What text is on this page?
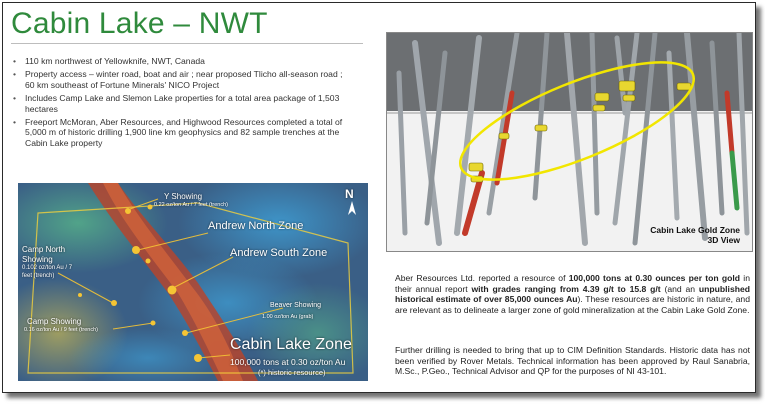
Cabin Lake – NWT
• 110 km northwest of Yellowknife, NWT, Canada
• Property access – winter road, boat and air ; near proposed Tlicho all-season road ; 60 km southeast of Fortune Minerals' NICO Project
• Includes Camp Lake and Slemon Lake properties for a total area package of 1,503 hectares
• Freeport McMoran, Aber Resources, and Highwood Resources completed a total of 5,000 m of historic drilling 1,900 line km geophysics and 82 sample trenches at the Cabin Lake property
N
Y Showing
0.22 oz/ton Au / 7 feet (trench)
Andrew North Zone
Andrew South Zone
Camp North
Showing
0.102 oz/ton Au / 7
feet (trench)
Camp Showing
0.16 oz/ton Au / 9 feet (trench)
Beaver Showing
1.00 oz/ton Au (grab)
Cabin Lake Zone
100,000 tons at 0.30 oz/ton Au
(*) historic resource)
Cabin Lake Gold Zone
3D View
Aber Resources Ltd. reported a resource of 100,000 tons at 0.30 ounces per ton gold in their annual report with grades ranging from 4.39 g/t to 15.8 g/t (and an unpublished historical estimate of over 85,000 ounces Au). These resources are historic in nature, and are relevant as to delineate a larger zone of gold mineralization at the Cabin Lake Gold Zone.
Further drilling is needed to bring that up to CIM Definition Standards. Historic data has not been verified by Rover Metals. Technical information has been approved by Raul Sanabria, M.Sc., P.Geo., Technical Advisor and QP for the purposes of NI 43-101.
